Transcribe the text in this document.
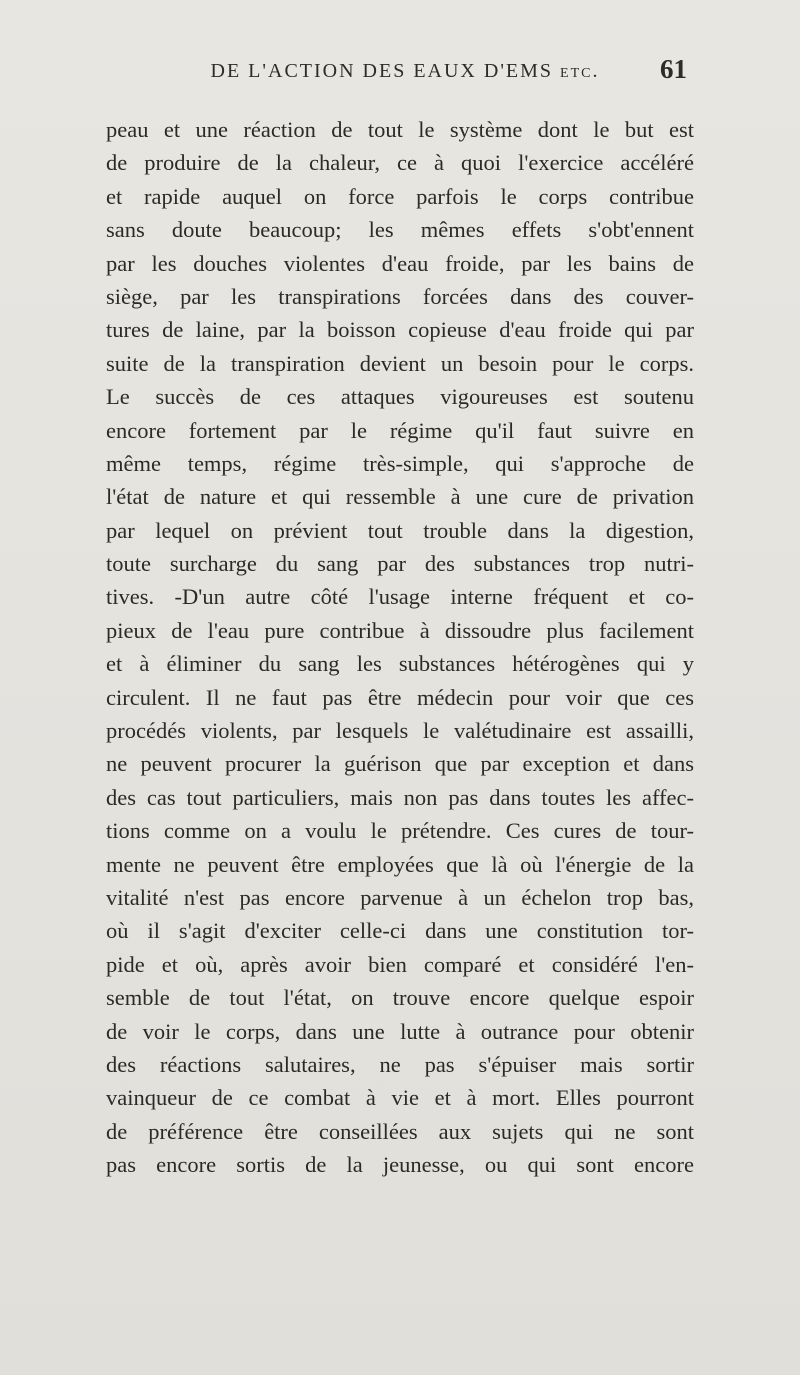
DE L'ACTION DES EAUX D'EMS etc.	61
peau et une réaction de tout le système dont le but est
de produire de la chaleur, ce à quoi l'exercice accéléré
et rapide auquel on force parfois le corps contribue
sans doute beaucoup; les mêmes effets s'obt'ennent
par les douches violentes d'eau froide, par les bains de
siège, par les transpirations forcées dans des couver-
tures de laine, par la boisson copieuse d'eau froide qui par
suite de la transpiration devient un besoin pour le corps.
Le succès de ces attaques vigoureuses est soutenu
encore fortement par le régime qu'il faut suivre en
même temps, régime très-simple, qui s'approche de
l'état de nature et qui ressemble à une cure de privation
par lequel on prévient tout trouble dans la digestion,
toute surcharge du sang par des substances trop nutri-
tives. -D'un autre côté l'usage interne fréquent et co-
pieux de l'eau pure contribue à dissoudre plus facilement
et à éliminer du sang les substances hétérogènes qui y
circulent. Il ne faut pas être médecin pour voir que ces
procédés violents, par lesquels le valétudinaire est assailli,
ne peuvent procurer la guérison que par exception et dans
des cas tout particuliers, mais non pas dans toutes les affec-
tions comme on a voulu le prétendre. Ces cures de tour-
mente ne peuvent être employées que là où l'énergie de la
vitalité n'est pas encore parvenue à un échelon trop bas,
où il s'agit d'exciter celle-ci dans une constitution tor-
pide et où, après avoir bien comparé et considéré l'en-
semble de tout l'état, on trouve encore quelque espoir
de voir le corps, dans une lutte à outrance pour obtenir
des réactions salutaires, ne pas s'épuiser mais sortir
vainqueur de ce combat à vie et à mort. Elles pourront
de préférence être conseillées aux sujets qui ne sont
pas encore sortis de la jeunesse, ou qui sont encore
